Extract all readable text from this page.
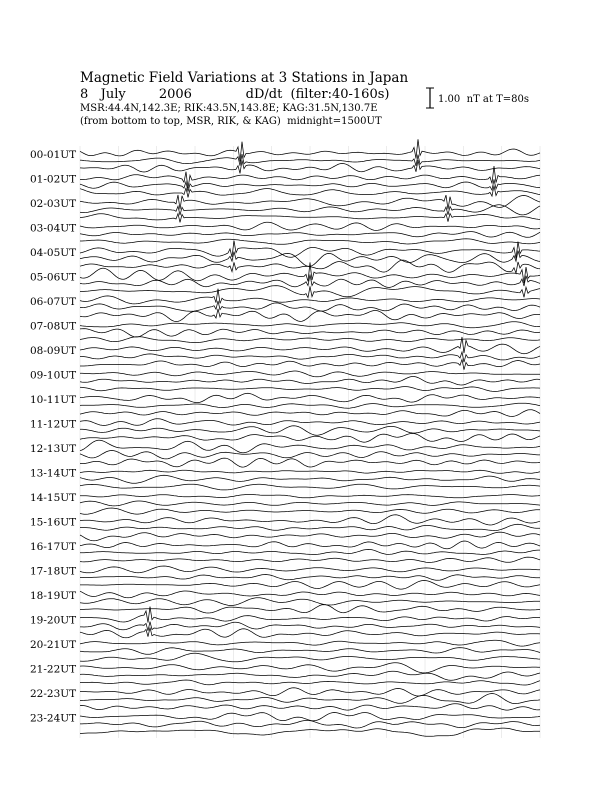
Magnetic Field Variations at 3 Stations in Japan
8   July        2006             dD/dt  (filter:40-160s)
MSR:44.4N,142.3E; RIK:43.5N,143.8E; KAG:31.5N,130.7E
(from bottom to top, MSR, RIK, & KAG)  midnight=1500UT
1.00  nT at T=80s
00-01UT
01-02UT
02-03UT
03-04UT
04-05UT
05-06UT
06-07UT
07-08UT
08-09UT
09-10UT
10-11UT
11-12UT
12-13UT
13-14UT
14-15UT
15-16UT
16-17UT
17-18UT
18-19UT
19-20UT
20-21UT
21-22UT
22-23UT
23-24UT
